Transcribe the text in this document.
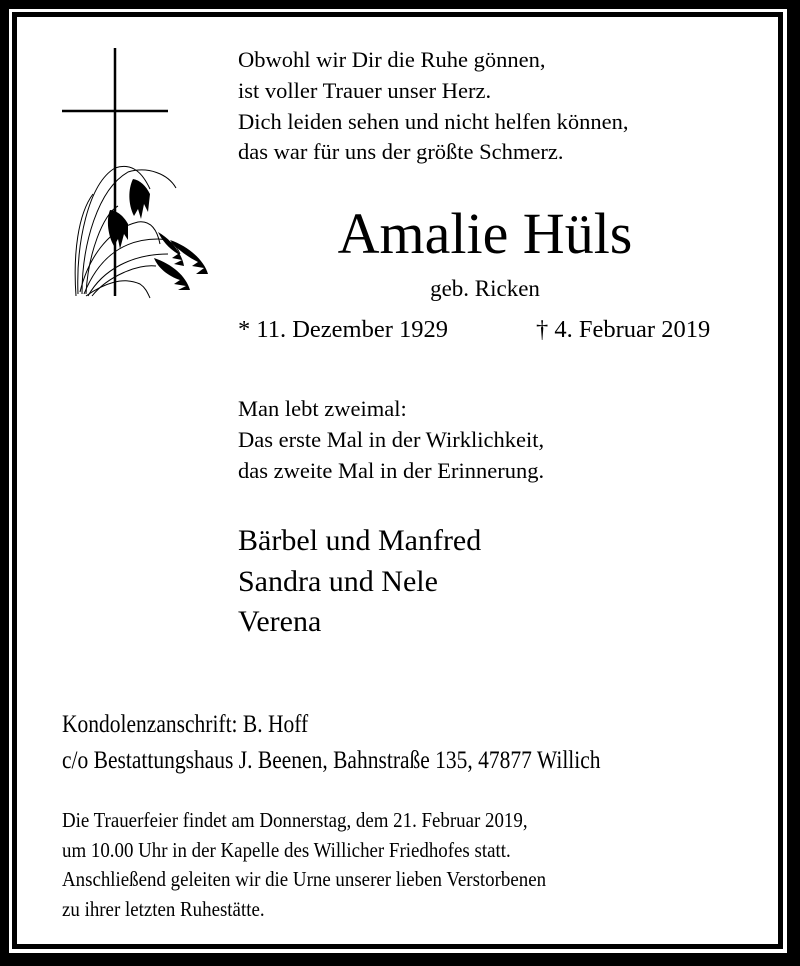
Obwohl wir Dir die Ruhe gönnen,
ist voller Trauer unser Herz.
Dich leiden sehen und nicht helfen können,
das war für uns der größte Schmerz.
Amalie Hüls
geb. Ricken
* 11. Dezember 1929	† 4. Februar 2019
Man lebt zweimal:
Das erste Mal in der Wirklichkeit,
das zweite Mal in der Erinnerung.
Bärbel und Manfred
Sandra und Nele
Verena
Kondolenzanschrift: B. Hoff
c/o Bestattungshaus J. Beenen, Bahnstraße 135, 47877 Willich
Die Trauerfeier findet am Donnerstag, dem 21. Februar 2019,
um 10.00 Uhr in der Kapelle des Willicher Friedhofes statt.
Anschließend geleiten wir die Urne unserer lieben Verstorbenen
zu ihrer letzten Ruhestätte.
